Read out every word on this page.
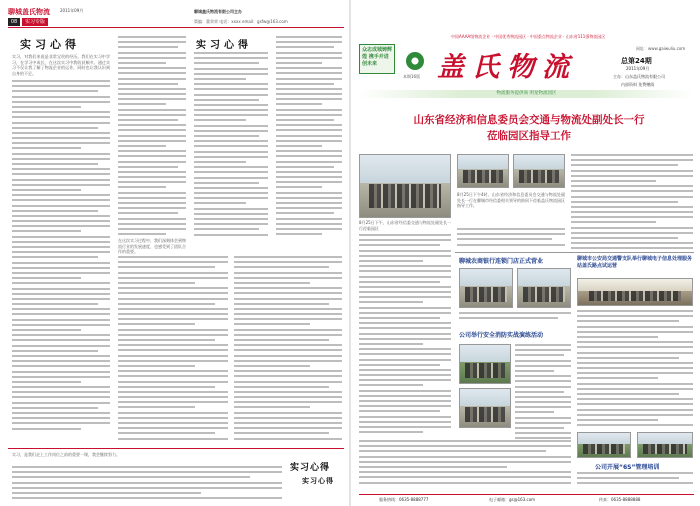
聊城盖氏物流	2011年09月
08	实习专版
聊城盖氏物流有限公司主办
策编：董荣荣 电话：xxxx email：gsfw@163.com
实习心得
实习，对我们来说是非常宝贵的经历。我们在实习中学习，在学习中成长，在这次实习中我收获颇多。通过实习不仅让我了解了物流企业的运作，同时也让我认识到自身的不足。
在这次实习过程中，我们深刻体会到物流行业的发展速度，也感受到了团队合作的重要。
实习心得
实习，是我们走上工作岗位之前的重要一课，我会继续努力。
实习心得
实习心得
中国AAAA级物流企业 · 中国优秀物流园区 · 中国重点物流企业 · 山东省111强物流园区
众志成城铸辉煌 携手并进创未来
本期16版 盖氏物流
网址：www.gaiwuliu.com
总第24期
2011年09月
主办：山东盖氏物流有限公司
内部资料 免费赠阅
物流服务提供商 明星物流园区
山东省经济和信息委员会交通与物流处副处长一行莅临园区指导工作
8月25日下午，山东省经信委交通与物流处副处长一行莅临园区
8月25日下午4时，山东省经济和信息委员会交通与物流处副处长一行在聊城市经信委相关领导的陪同下莅临盖氏物流园区指导工作。
聊城农商银行连锁门店正式营业	聊城市公安局交通警支队举行聊城电子信息处理服务站盖氏路点试运营
公司举行安全消防实战演练活动
公司开展“6S”管理培训
服务热线：0635-8888777	电子邮箱：gs@163.com	传真：0635-8888888
